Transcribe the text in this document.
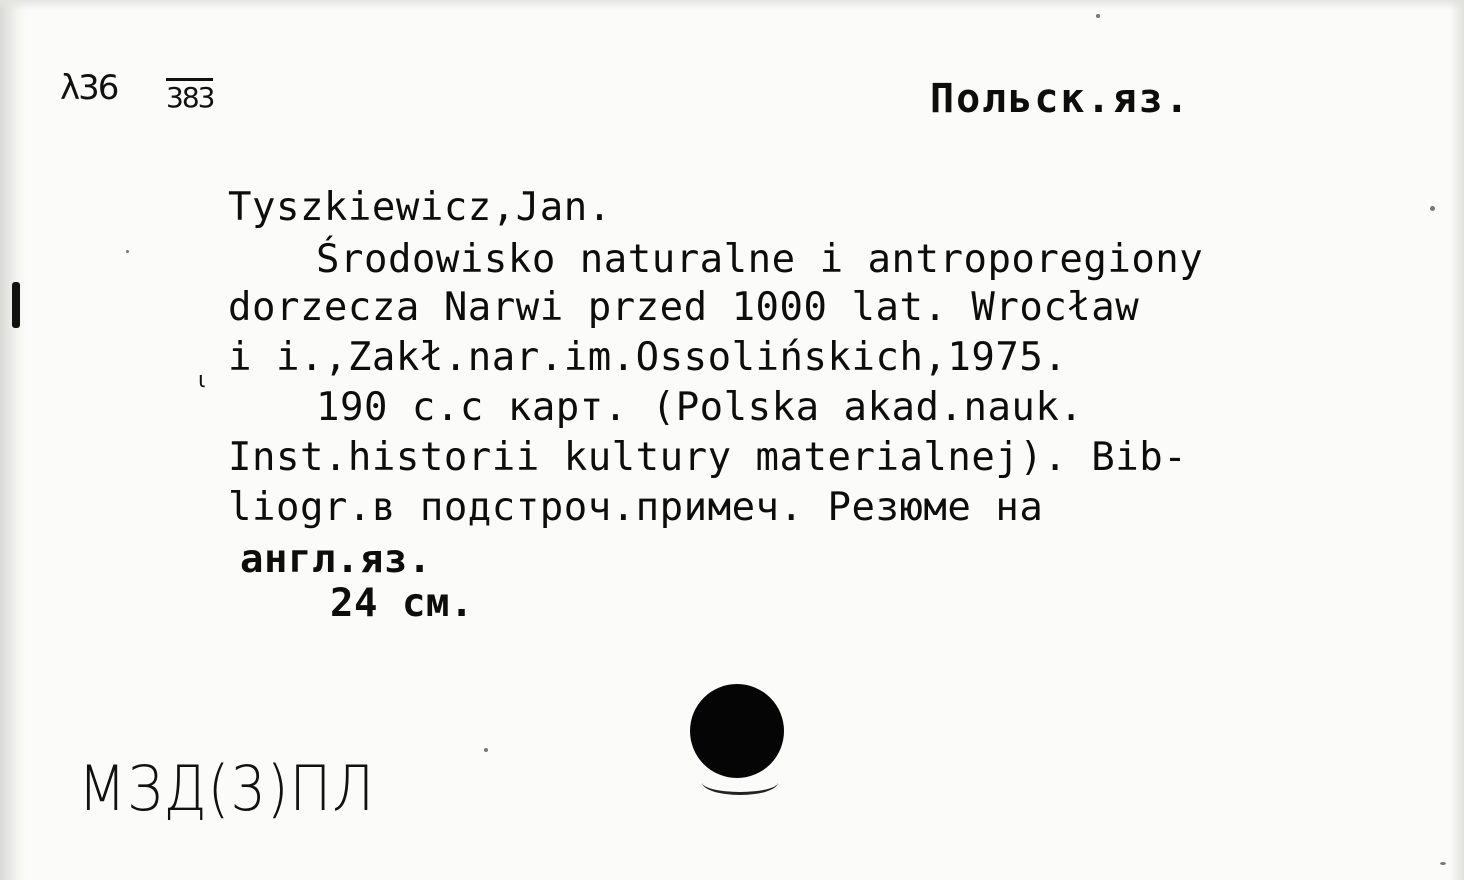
λ36 383	Польск.яз.
Tyszkiewicz,Jan.
Środowisko naturalne i antroporegiony
dorzecza Narwi przed 1000 lat. Wrocław
i i.,Zakł.nar.im.Ossolińskich,1975.
ι
190 c.c карт. (Polska akad.nauk.
Inst.historii kultury materialnej). Bib-
liogr.в подстроч.примеч. Резюме на
англ.яз.
24 см.
МЗД(3)ПЛ
